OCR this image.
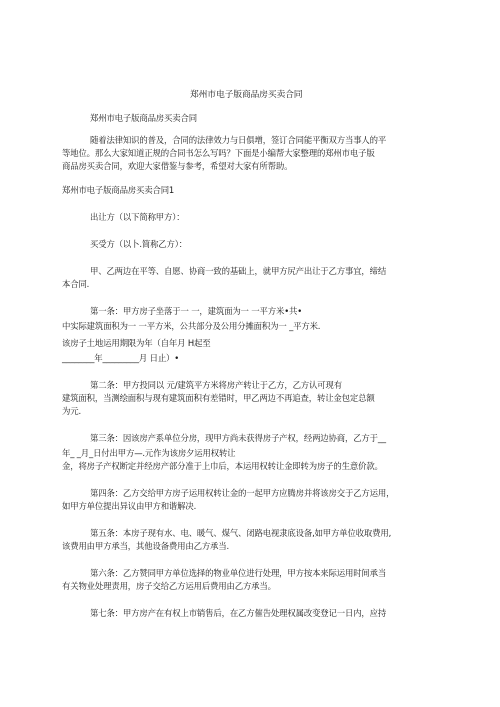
郑州市电子版商品房买卖合同
郑州市电子版商品房买卖合同
随着法律知识的普及，合同的法律效力与日俱增，签订合同能平衡双方当事人的平
等地位。那么大家知道正规的合同书怎么写吗？下面是小编帮大家整理的郑州市电子版
商品房买卖合同，欢迎大家借鉴与参考，希望对大家有所帮助。
郑州市电子版商品房买卖合同1
出让方（以下简称甲方）：
买受方（以卜.简称乙方）：
甲、乙两边在平等、自愿、协商一致的基础上，就甲方尻产出让于乙方事宜，缔结
本合同.
第一条：甲方房子坐落于一 一，建筑面为一 一平方米•共•
中实际建筑面积为一 一平方米，公共部分及公用分摊面积为一 _平方米.
该房子土地运用期限为年（自年月 H起至
________年_________月 日止）•
第二条：甲方投同以 元/建筑平方米将房产转让于乙方，乙方认可现有
建筑面积，当测绘面积与现有建筑面积有差错时，甲乙两边不再追查，转让金包定总额
为元.
第三条：因该房产系单位分房，现甲方尚未获得房子产权，经两边协商，乙方于__
年_ _月_日付出甲方—.元作为该房夕运用权转让
金，将房子产权断定并经房产部分准于上巾后，本运用权转让金即转为房子的生意价款。
第四条：乙方交给甲方房子运用权转让金的一起甲方应腾房并将该房交于乙方运用，
如甲方单位提出异议由甲方和谐解决.
第五条：本房子现有水、电、暖气、煤气、闭路电视隶底设备,如甲方单位收取费用,
该费用由甲方承当，其他设备费用由乙方承当.
第六条：乙方赞同甲方单位选择的物业单位进行处理，甲方按本来际运用时间承当
有关物业处理责用，房子交给乙方运用后费用由乙方承当。
第七条：甲方房产在有权上市销售后，在乙方催告处理权属改变登记一日内，应持
